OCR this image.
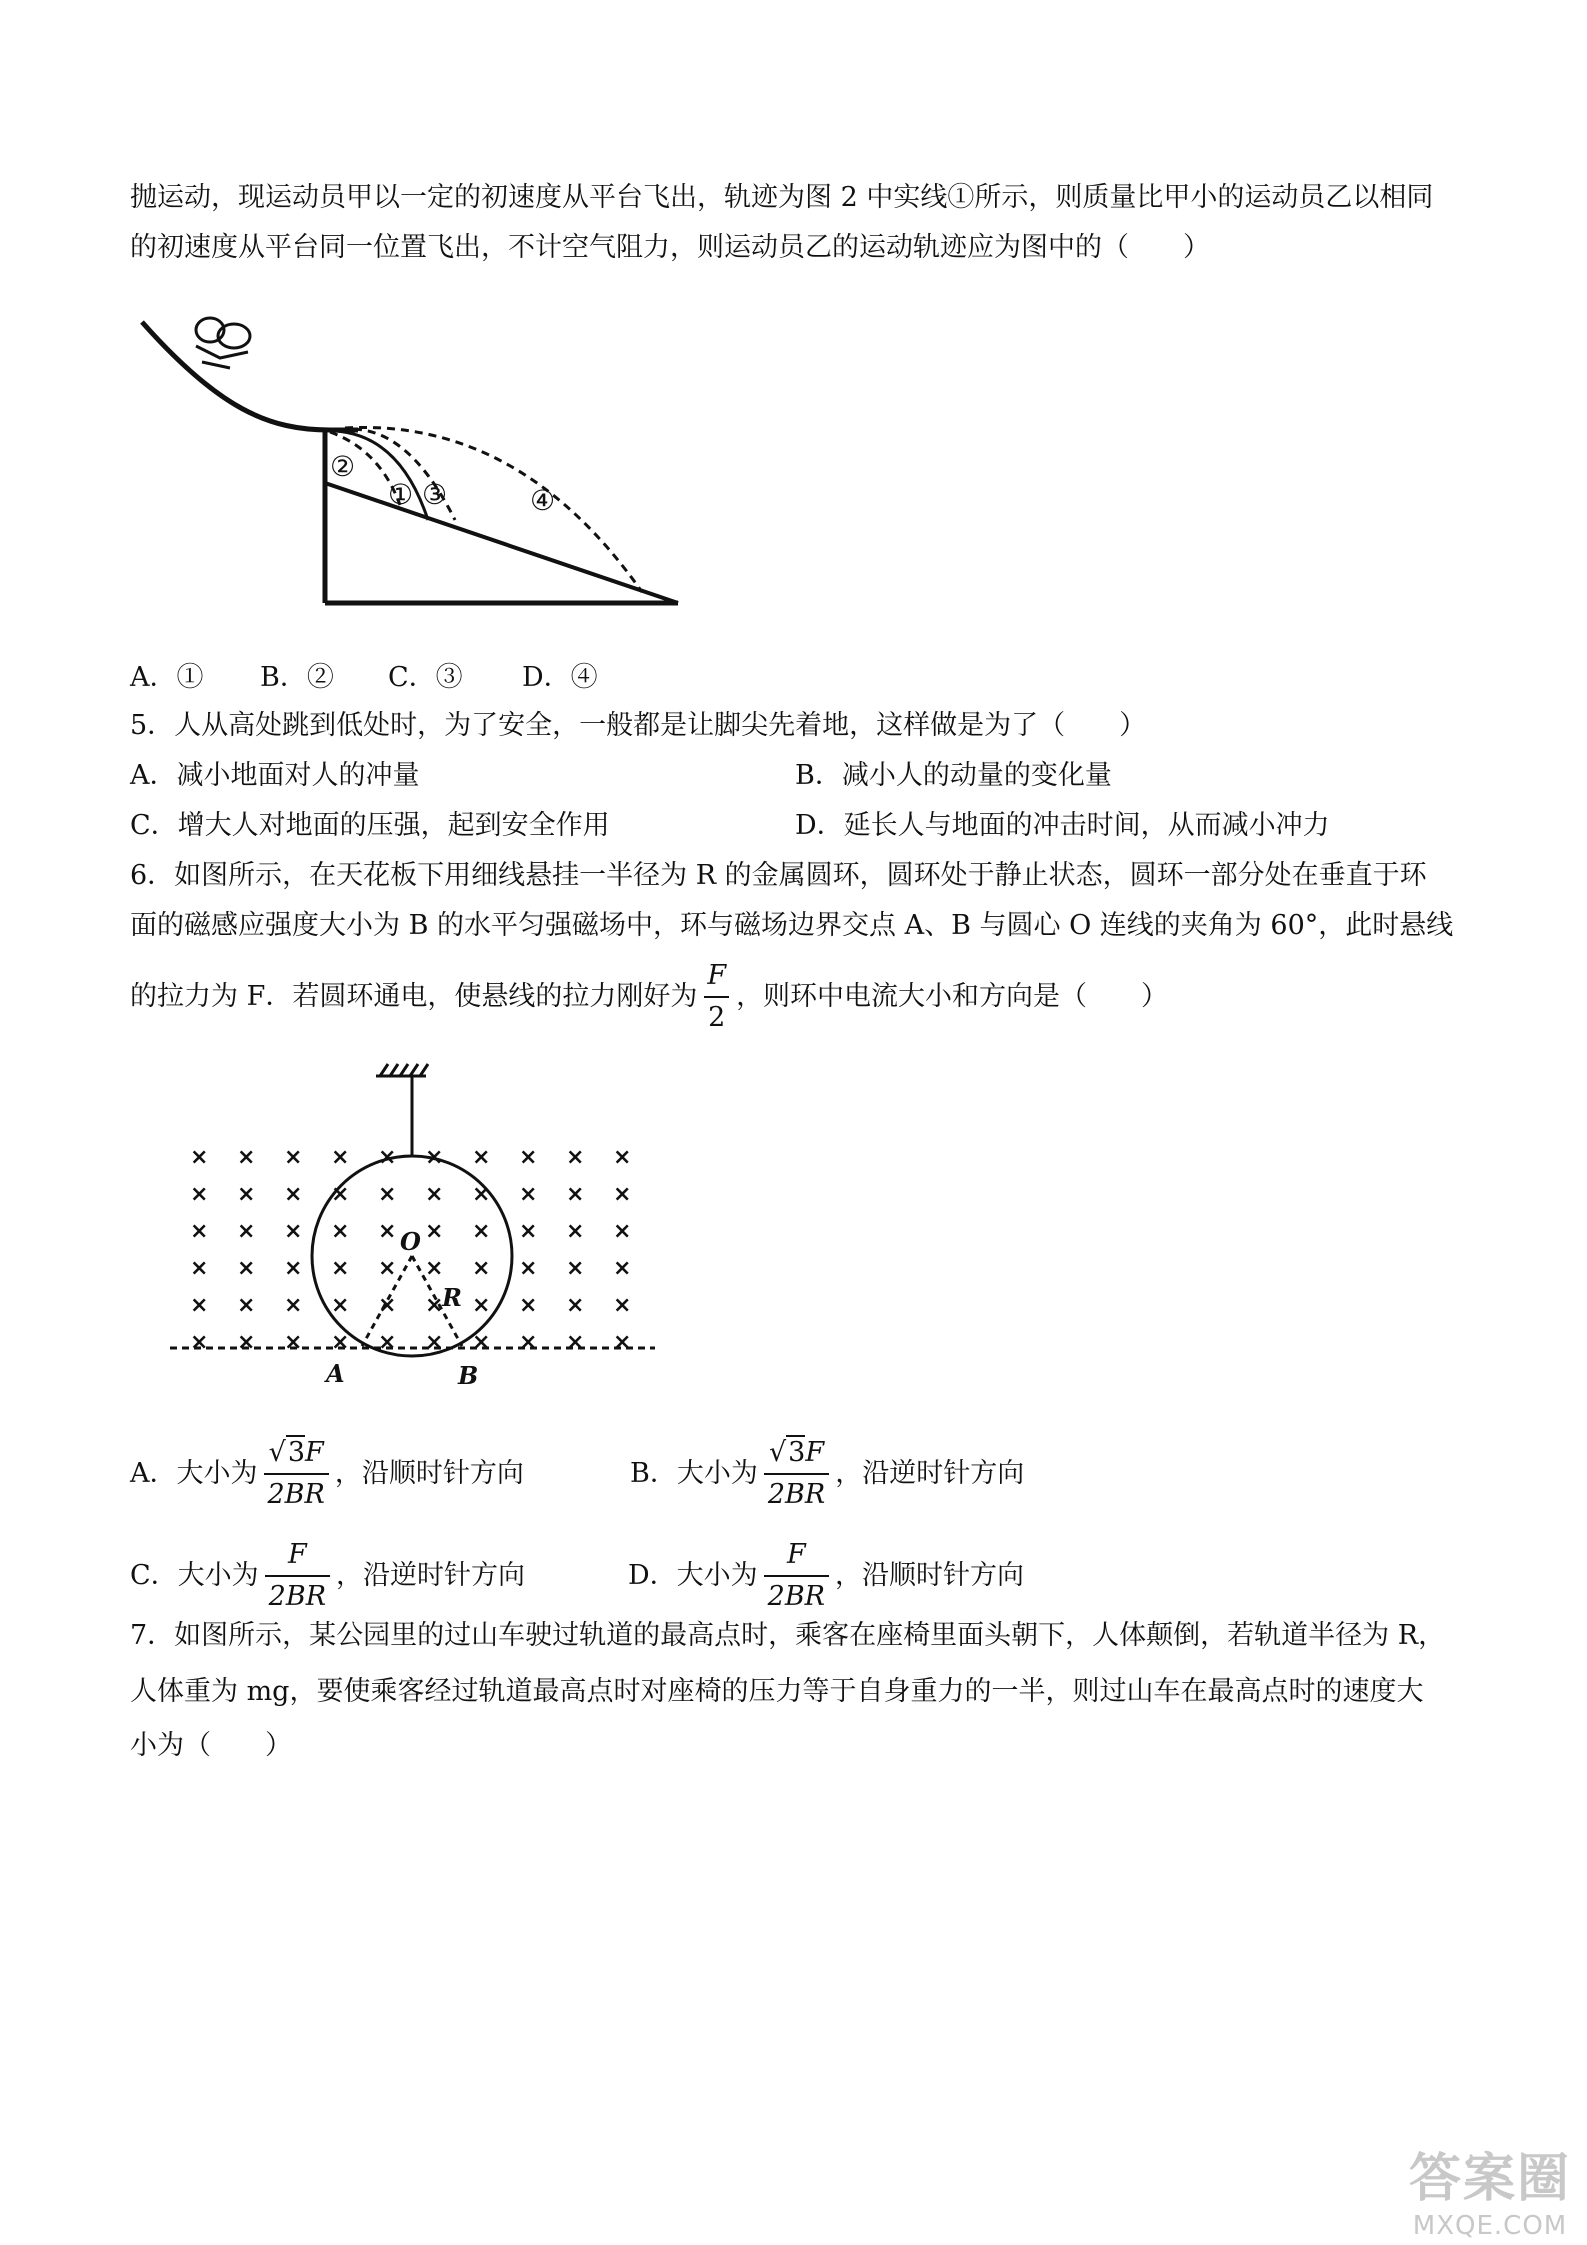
抛运动，现运动员甲以一定的初速度从平台飞出，轨迹为图 2 中实线①所示，则质量比甲小的运动员乙以相同
的初速度从平台同一位置飞出，不计空气阻力，则运动员乙的运动轨迹应为图中的（　　）
②
① ③	④
A．① B．② C．③ D．④
5．人从高处跳到低处时，为了安全，一般都是让脚尖先着地，这样做是为了（　　）
A．减小地面对人的冲量	B．减小人的动量的变化量
C．增大人对地面的压强，起到安全作用	D．延长人与地面的冲击时间，从而减小冲力
6．如图所示，在天花板下用细线悬挂一半径为 R 的金属圆环，圆环处于静止状态，圆环一部分处在垂直于环
面的磁感应强度大小为 B 的水平匀强磁场中，环与磁场边界交点 A、B 与圆心 O 连线的夹角为 60°，此时悬线
的拉力为 F．若圆环通电，使悬线的拉力刚好为 $\frac{F}{2}$ ，则环中电流大小和方向是（　　）
× × × × × × × × × ×
× × × × × × × × × ×
× × × × × × × × × ×
× × × × × × × × × ×
× × × × × × × × × ×
× × × × × × × × × ×
O
R
A	B
A．大小为 $\frac{√3F}{2BR}$ ，沿顺时针方向	B．大小为 $\frac{√3F}{2BR}$ ，沿逆时针方向
C．大小为 $\frac{F}{2BR}$ ，沿逆时针方向	D．大小为 $\frac{F}{2BR}$ ，沿顺时针方向
7．如图所示，某公园里的过山车驶过轨道的最高点时，乘客在座椅里面头朝下，人体颠倒，若轨道半径为 R，
人体重为 mg，要使乘客经过轨道最高点时对座椅的压力等于自身重力的一半，则过山车在最高点时的速度大
小为（　　）
答案圈
MXQE.COM
